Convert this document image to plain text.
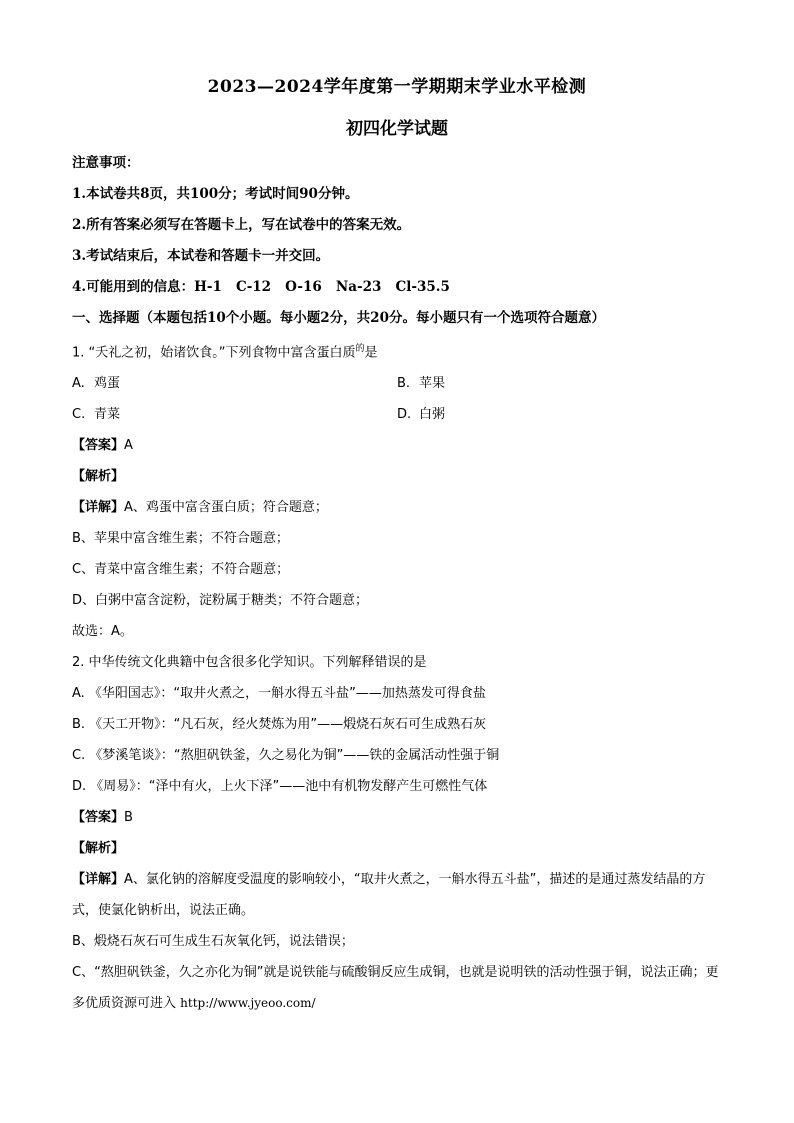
2023—2024学年度第一学期期末学业水平检测
初四化学试题
注意事项：
1.本试卷共8页，共100分；考试时间90分钟。
2.所有答案必须写在答题卡上，写在试卷中的答案无效。
3.考试结束后，本试卷和答题卡一并交回。
4.可能用到的信息：H-1   C-12   O-16   Na-23   Cl-35.5
一、选择题（本题包括10个小题。每小题2分，共20分。每小题只有一个选项符合题意）
1. “夭礼之初，始诸饮食。”下列食物中富含蛋白质$^的$是
A. 鸡蛋	B. 苹果
C. 青菜	D. 白粥
【答案】A
【解析】
【详解】A、鸡蛋中富含蛋白质；符合题意；
B、苹果中富含维生素；不符合题意；
C、青菜中富含维生素；不符合题意；
D、白粥中富含淀粉，淀粉属于糖类；不符合题意；
故选：A。
2. 中华传统文化典籍中包含很多化学知识。下列解释错误的是
A. 《华阳国志》：“取井火煮之，一斛水得五斗盐”——加热蒸发可得食盐
B. 《天工开物》：“凡石灰，经火焚炼为用”——煅烧石灰石可生成熟石灰
C. 《梦溪笔谈》：“熬胆矾铁釜，久之易化为铜”——铁的金属活动性强于铜
D. 《周易》：“泽中有火，上火下泽”——池中有机物发酵产生可燃性气体
【答案】B
【解析】
【详解】A、氯化钠的溶解度受温度的影响较小，“取井火煮之，一斛水得五斗盐”，描述的是通过蒸发结晶的方式，使氯化钠析出，说法正确。
B、煅烧石灰石可生成生石灰氧化钙，说法错误；
C、“熬胆矾铁釜，久之亦化为铜”就是说铁能与硫酸铜反应生成铜，也就是说明铁的活动性强于铜，说法正确；更多优质资源可进入 http://www.jyeoo.com/
